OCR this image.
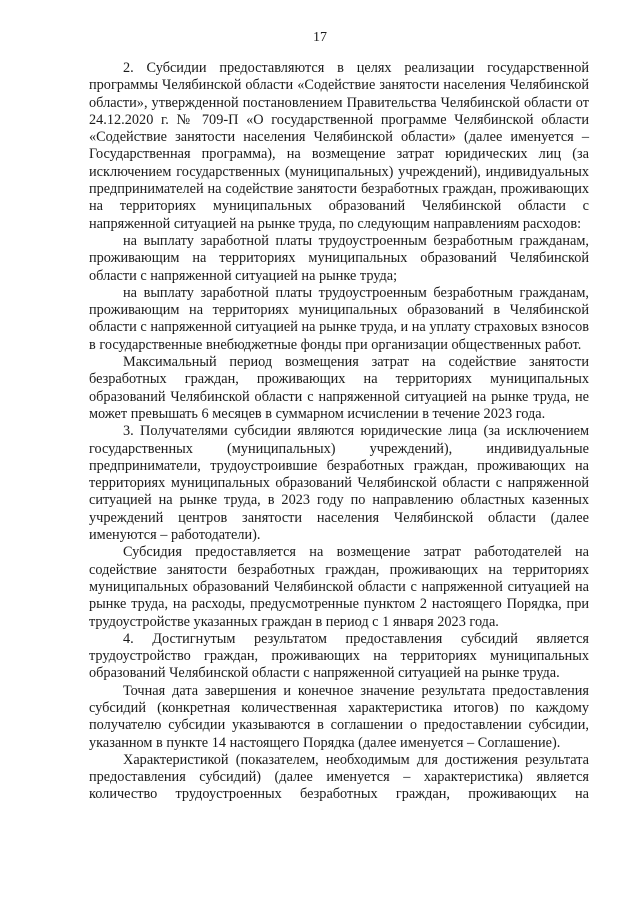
17

2. Субсидии предоставляются в целях реализации государственной программы Челябинской области «Содействие занятости населения Челябинской области», утвержденной постановлением Правительства Челябинской области от 24.12.2020 г. № 709-П «О государственной программе Челябинской области «Содействие занятости населения Челябинской области» (далее именуется – Государственная программа), на возмещение затрат юридических лиц (за исключением государственных (муниципальных) учреждений), индивидуальных предпринимателей на содействие занятости безработных граждан, проживающих на территориях муниципальных образований Челябинской области с напряженной ситуацией на рынке труда, по следующим направлениям расходов:

на выплату заработной платы трудоустроенным безработным гражданам, проживающим на территориях муниципальных образований Челябинской области с напряженной ситуацией на рынке труда;

на выплату заработной платы трудоустроенным безработным гражданам, проживающим на территориях муниципальных образований в Челябинской области с напряженной ситуацией на рынке труда, и на уплату страховых взносов в государственные внебюджетные фонды при организации общественных работ.

Максимальный период возмещения затрат на содействие занятости безработных граждан, проживающих на территориях муниципальных образований Челябинской области с напряженной ситуацией на рынке труда, не может превышать 6 месяцев в суммарном исчислении в течение 2023 года.

3. Получателями субсидии являются юридические лица (за исключением государственных (муниципальных) учреждений), индивидуальные предприниматели, трудоустроившие безработных граждан, проживающих на территориях муниципальных образований Челябинской области с напряженной ситуацией на рынке труда, в 2023 году по направлению областных казенных учреждений центров занятости населения Челябинской области (далее именуются – работодатели).

Субсидия предоставляется на возмещение затрат работодателей на содействие занятости безработных граждан, проживающих на территориях муниципальных образований Челябинской области с напряженной ситуацией на рынке труда, на расходы, предусмотренные пунктом 2 настоящего Порядка, при трудоустройстве указанных граждан в период с 1 января 2023 года.

4. Достигнутым результатом предоставления субсидий является трудоустройство граждан, проживающих на территориях муниципальных образований Челябинской области с напряженной ситуацией на рынке труда.

Точная дата завершения и конечное значение результата предоставления субсидий (конкретная количественная характеристика итогов) по каждому получателю субсидии указываются в соглашении о предоставлении субсидии, указанном в пункте 14 настоящего Порядка (далее именуется – Соглашение).

Характеристикой (показателем, необходимым для достижения результата предоставления субсидий) (далее именуется – характеристика) является количество трудоустроенных безработных граждан, проживающих на
